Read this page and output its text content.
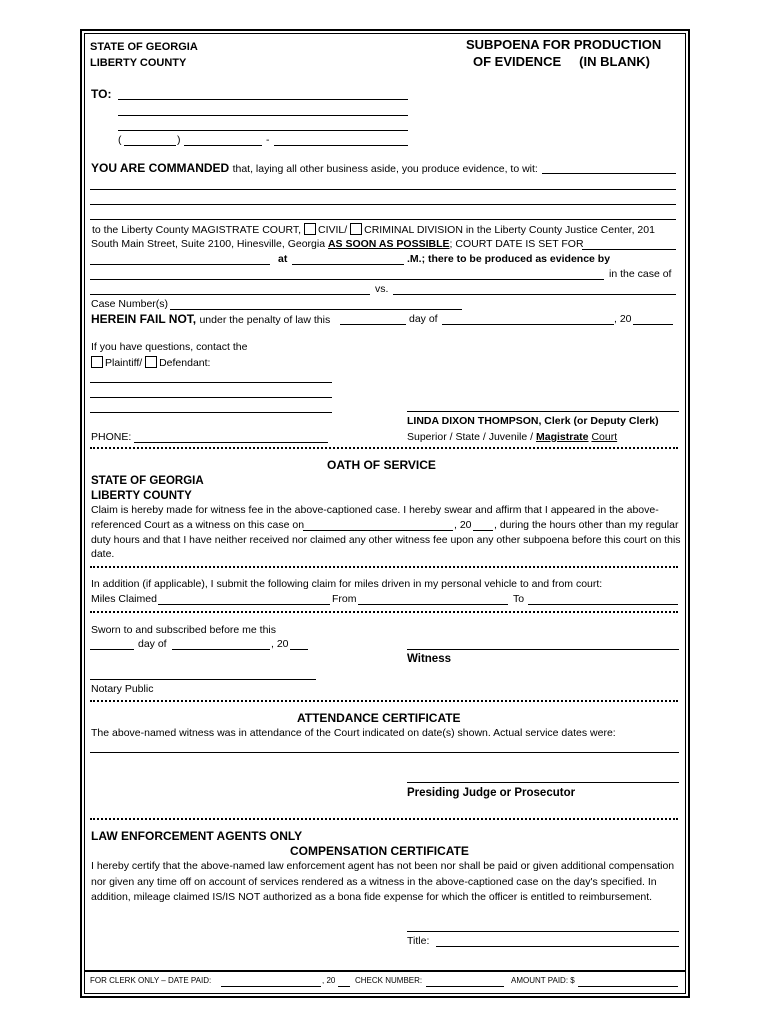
STATE OF GEORGIA
LIBERTY COUNTY
SUBPOENA FOR PRODUCTION
OF EVIDENCE     (IN BLANK)
TO:
(	)	-
YOU ARE COMMANDED that, laying all other business aside, you produce evidence, to wit:
to the Liberty County MAGISTRATE COURT, CIVIL/ CRIMINAL DIVISION in the Liberty County Justice Center, 201
South Main Street, Suite 2100, Hinesville, Georgia AS SOON AS POSSIBLE; COURT DATE IS SET FOR
at	.M.; there to be produced as evidence by
in the case of
vs.
Case Number(s)
HEREIN FAIL NOT, under the penalty of law this	day of	, 20
If you have questions, contact the
Plaintiff/ Defendant:
PHONE:
LINDA DIXON THOMPSON, Clerk (or Deputy Clerk)
Superior / State / Juvenile / Magistrate Court
OATH OF SERVICE
STATE OF GEORGIA
LIBERTY COUNTY
Claim is hereby made for witness fee in the above-captioned case. I hereby swear and affirm that I appeared in the above-
referenced Court as a witness on this case on	, 20 , during the hours other than my regular
duty hours and that I have neither received nor claimed any other witness fee upon any other subpoena before this court on this
date.
In addition (if applicable), I submit the following claim for miles driven in my personal vehicle to and from court:
Miles Claimed	From	To
Sworn to and subscribed before me this
day of	, 20
Witness
Notary Public
ATTENDANCE CERTIFICATE
The above-named witness was in attendance of the Court indicated on date(s) shown. Actual service dates were:
Presiding Judge or Prosecutor
LAW ENFORCEMENT AGENTS ONLY
COMPENSATION CERTIFICATE
I hereby certify that the above-named law enforcement agent has not been nor shall be paid or given additional compensation
nor given any time off on account of services rendered as a witness in the above-captioned case on the day's specified. In
addition, mileage claimed IS/IS NOT authorized as a bona fide expense for which the officer is entitled to reimbursement.
Title:
FOR CLERK ONLY – DATE PAID:	, 20 CHECK NUMBER:	AMOUNT PAID: $
